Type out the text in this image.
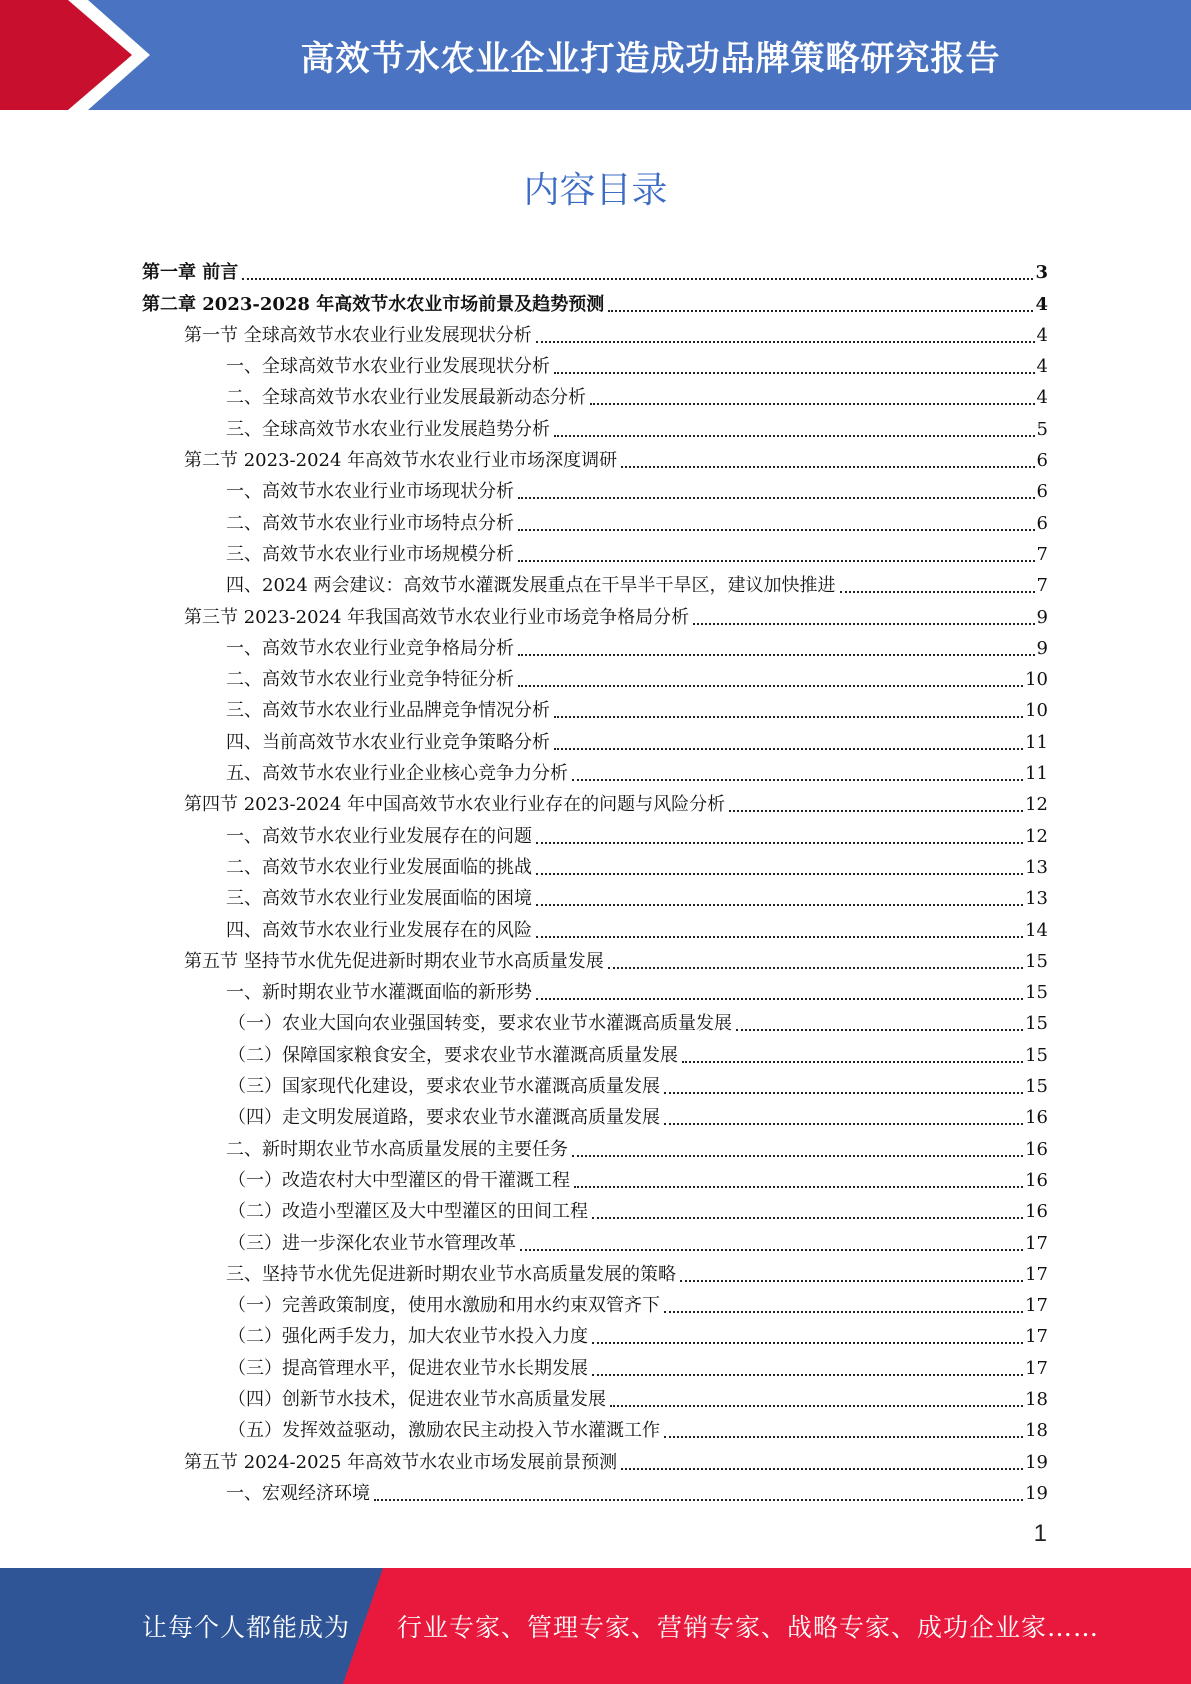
高效节水农业企业打造成功品牌策略研究报告
内容目录
第一章 前言	3
第二章 2023-2028 年高效节水农业市场前景及趋势预测	4
第一节 全球高效节水农业行业发展现状分析	4
一、全球高效节水农业行业发展现状分析	4
二、全球高效节水农业行业发展最新动态分析	4
三、全球高效节水农业行业发展趋势分析	5
第二节 2023-2024 年高效节水农业行业市场深度调研	6
一、高效节水农业行业市场现状分析	6
二、高效节水农业行业市场特点分析	6
三、高效节水农业行业市场规模分析	7
四、2024 两会建议：高效节水灌溉发展重点在干旱半干旱区，建议加快推进	7
第三节 2023-2024 年我国高效节水农业行业市场竞争格局分析	9
一、高效节水农业行业竞争格局分析	9
二、高效节水农业行业竞争特征分析	10
三、高效节水农业行业品牌竞争情况分析	10
四、当前高效节水农业行业竞争策略分析	11
五、高效节水农业行业企业核心竞争力分析	11
第四节 2023-2024 年中国高效节水农业行业存在的问题与风险分析	12
一、高效节水农业行业发展存在的问题	12
二、高效节水农业行业发展面临的挑战	13
三、高效节水农业行业发展面临的困境	13
四、高效节水农业行业发展存在的风险	14
第五节 坚持节水优先促进新时期农业节水高质量发展	15
一、新时期农业节水灌溉面临的新形势	15
（一）农业大国向农业强国转变，要求农业节水灌溉高质量发展	15
（二）保障国家粮食安全，要求农业节水灌溉高质量发展	15
（三）国家现代化建设，要求农业节水灌溉高质量发展	15
（四）走文明发展道路，要求农业节水灌溉高质量发展	16
二、新时期农业节水高质量发展的主要任务	16
（一）改造农村大中型灌区的骨干灌溉工程	16
（二）改造小型灌区及大中型灌区的田间工程	16
（三）进一步深化农业节水管理改革	17
三、坚持节水优先促进新时期农业节水高质量发展的策略	17
（一）完善政策制度，使用水激励和用水约束双管齐下	17
（二）强化两手发力，加大农业节水投入力度	17
（三）提高管理水平，促进农业节水长期发展	17
（四）创新节水技术，促进农业节水高质量发展	18
（五）发挥效益驱动，激励农民主动投入节水灌溉工作	18
第五节 2024-2025 年高效节水农业市场发展前景预测	19
一、宏观经济环境	19
1
让每个人都能成为 行业专家、管理专家、营销专家、战略专家、成功企业家……
